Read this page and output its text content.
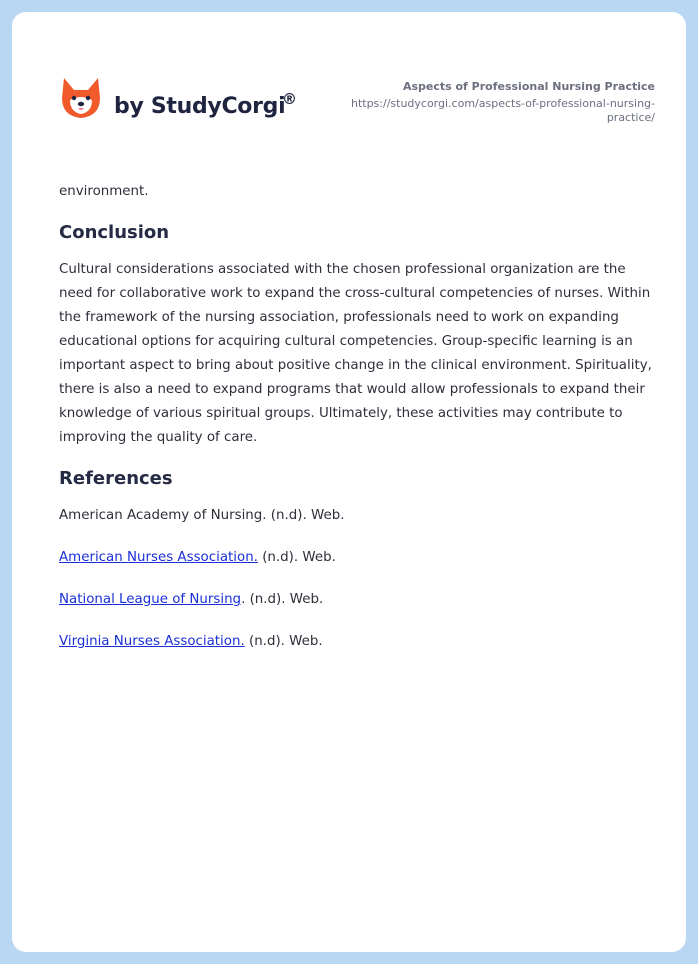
by StudyCorgi
®
Aspects of Professional Nursing Practice
https://studycorgi.com/aspects-of-professional-nursing-practice/

environment.

Conclusion

Cultural considerations associated with the chosen professional organization are the need for collaborative work to expand the cross-cultural competencies of nurses. Within the framework of the nursing association, professionals need to work on expanding educational options for acquiring cultural competencies. Group-specific learning is an important aspect to bring about positive change in the clinical environment. Spirituality, there is also a need to expand programs that would allow professionals to expand their knowledge of various spiritual groups. Ultimately, these activities may contribute to improving the quality of care.

References

American Academy of Nursing. (n.d). Web.

American Nurses Association. (n.d). Web.

National League of Nursing. (n.d). Web.

Virginia Nurses Association. (n.d). Web.
